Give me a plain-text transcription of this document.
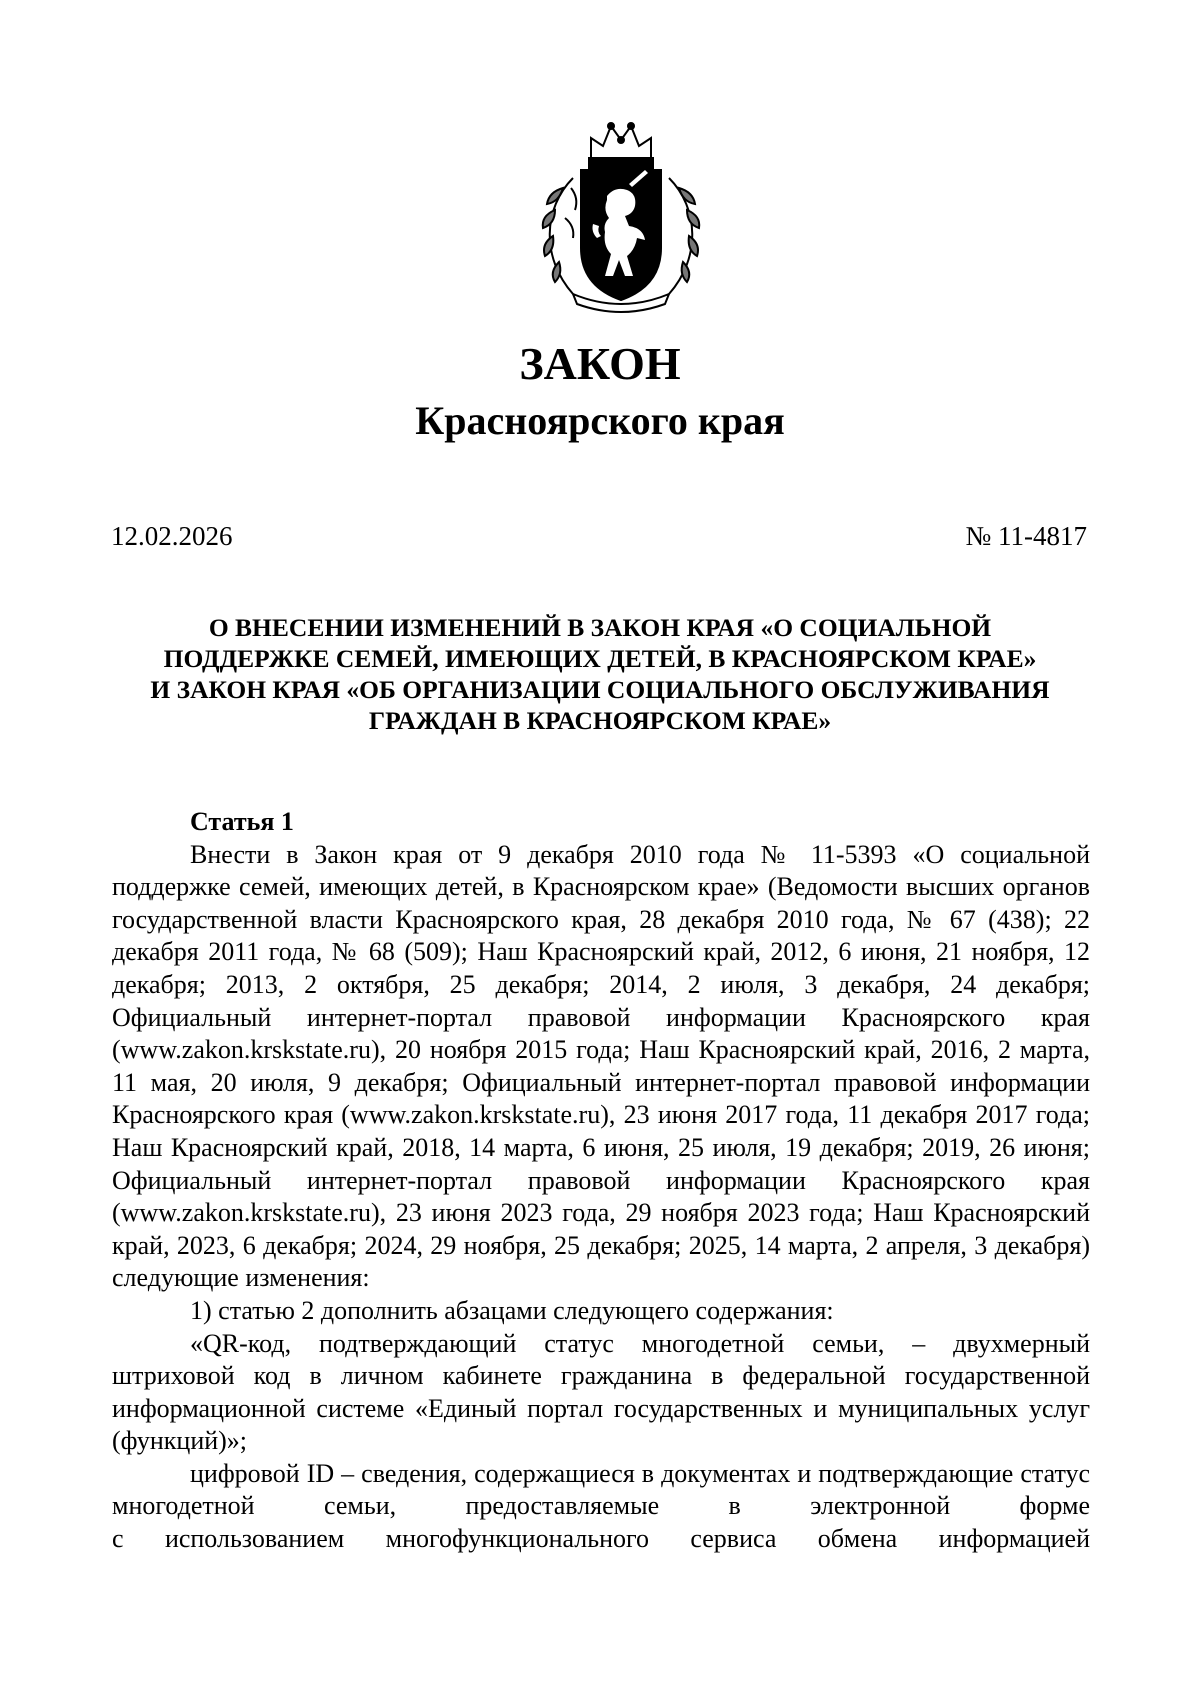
ЗАКОН
Красноярского края
12.02.2026	№ 11-4817
О ВНЕСЕНИИ ИЗМЕНЕНИЙ В ЗАКОН КРАЯ «О СОЦИАЛЬНОЙ
ПОДДЕРЖКЕ СЕМЕЙ, ИМЕЮЩИХ ДЕТЕЙ, В КРАСНОЯРСКОМ КРАЕ»
И ЗАКОН КРАЯ «ОБ ОРГАНИЗАЦИИ СОЦИАЛЬНОГО ОБСЛУЖИВАНИЯ
ГРАЖДАН В КРАСНОЯРСКОМ КРАЕ»
Статья 1

Внести в Закон края от 9 декабря 2010 года № 11-5393 «О социальной поддержке семей, имеющих детей, в Красноярском крае» (Ведомости высших органов государственной власти Красноярского края, 28 декабря 2010 года, № 67 (438); 22 декабря 2011 года, № 68 (509); Наш Красноярский край, 2012, 6 июня, 21 ноября, 12 декабря; 2013, 2 октября, 25 декабря; 2014, 2 июля, 3 декабря, 24 декабря; Официальный интернет-портал правовой информации Красноярского края (www.zakon.krskstate.ru), 20 ноября 2015 года; Наш Красноярский край, 2016, 2 марта, 11 мая, 20 июля, 9 декабря; Официальный интернет-портал правовой информации Красноярского края (www.zakon.krskstate.ru), 23 июня 2017 года, 11 декабря 2017 года; Наш Красноярский край, 2018, 14 марта, 6 июня, 25 июля, 19 декабря; 2019, 26 июня; Официальный интернет-портал правовой информации Красноярского края (www.zakon.krskstate.ru), 23 июня 2023 года, 29 ноября 2023 года; Наш Красноярский край, 2023, 6 декабря; 2024, 29 ноября, 25 декабря; 2025, 14 марта, 2 апреля, 3 декабря) следующие изменения:

1) статью 2 дополнить абзацами следующего содержания:

«QR-код, подтверждающий статус многодетной семьи, – двухмерный штриховой код в личном кабинете гражданина в федеральной государственной информационной системе «Единый портал государственных и муниципальных услуг (функций)»;

цифровой ID – сведения, содержащиеся в документах и подтверждающие статус многодетной семьи, предоставляемые в электронной форме

с использованием многофункционального сервиса обмена информацией
